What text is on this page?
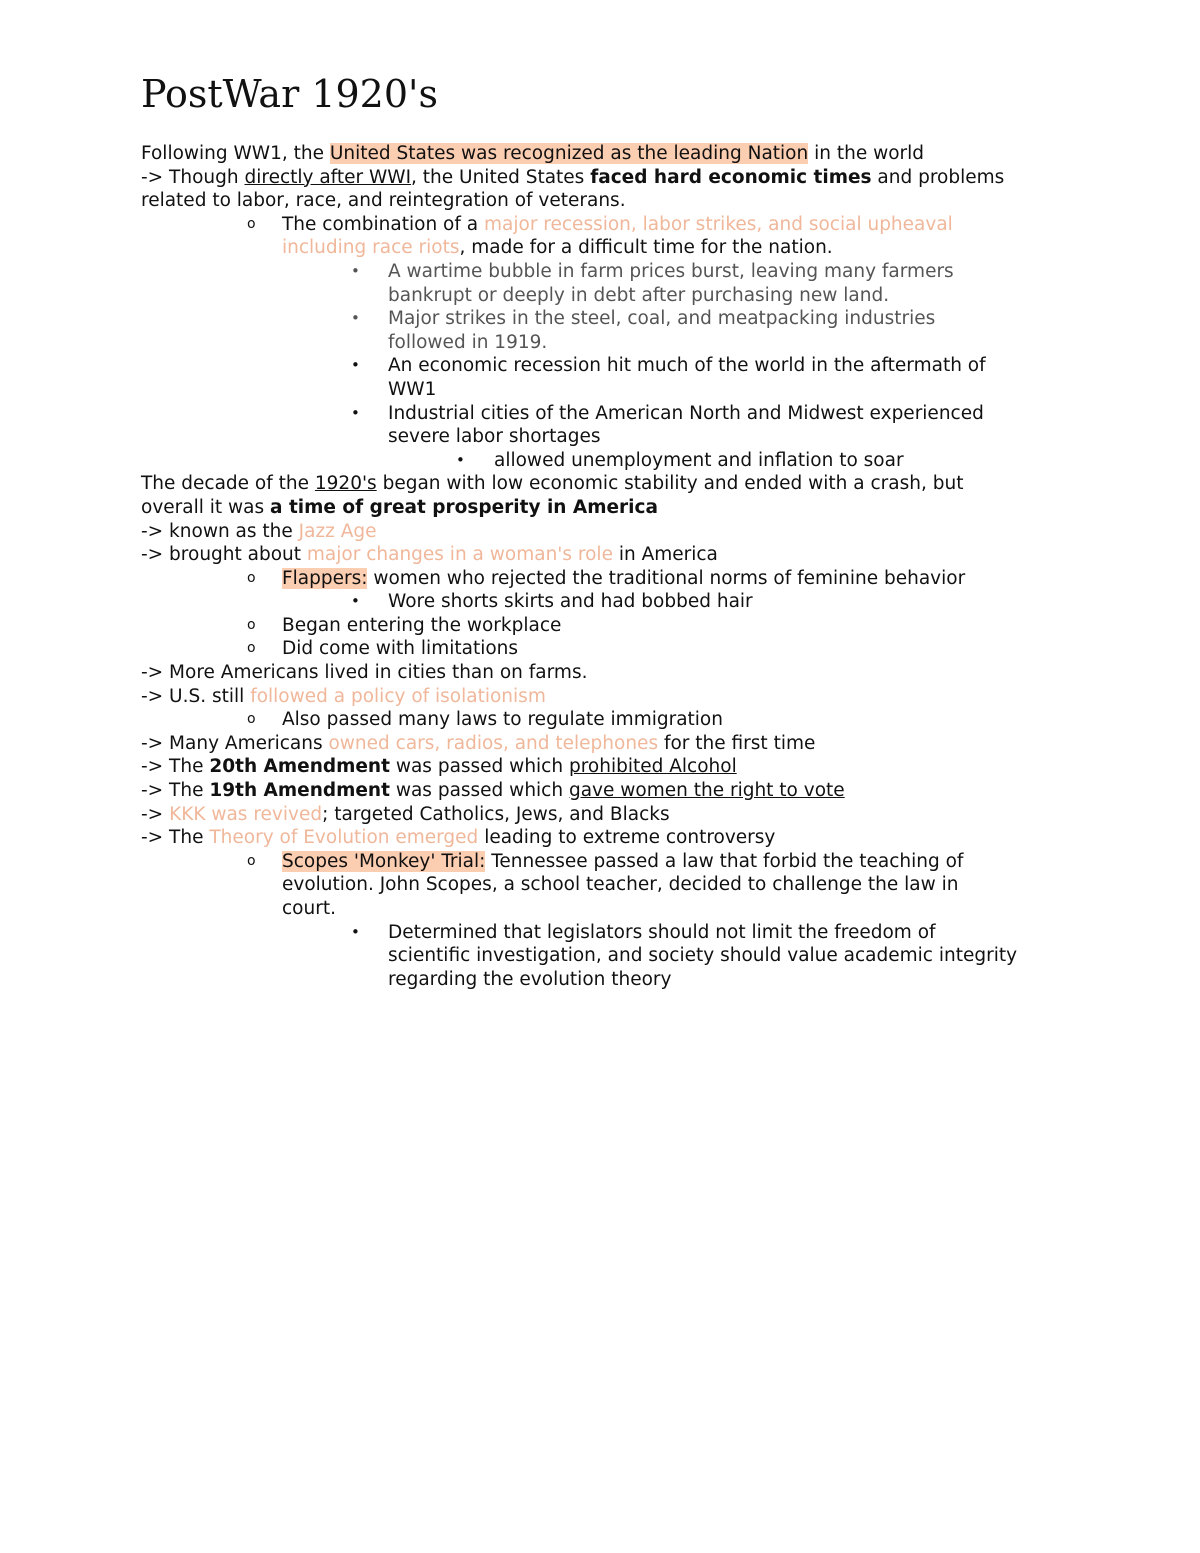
PostWar 1920's
Following WW1, the United States was recognized as the leading Nation in the world
-> Though directly after WWI, the United States faced hard economic times and problems
related to labor, race, and reintegration of veterans.
o The combination of a major recession, labor strikes, and social upheaval
including race riots, made for a difficult time for the nation.
• A wartime bubble in farm prices burst, leaving many farmers
bankrupt or deeply in debt after purchasing new land.
• Major strikes in the steel, coal, and meatpacking industries
followed in 1919.
• An economic recession hit much of the world in the aftermath of
WW1
• Industrial cities of the American North and Midwest experienced
severe labor shortages
• allowed unemployment and inflation to soar
The decade of the 1920's began with low economic stability and ended with a crash, but
overall it was a time of great prosperity in America
-> known as the Jazz Age
-> brought about major changes in a woman's role in America
o Flappers: women who rejected the traditional norms of feminine behavior
• Wore shorts skirts and had bobbed hair
o Began entering the workplace
o Did come with limitations
-> More Americans lived in cities than on farms.
-> U.S. still followed a policy of isolationism
o Also passed many laws to regulate immigration
-> Many Americans owned cars, radios, and telephones for the first time
-> The 20th Amendment was passed which prohibited Alcohol
-> The 19th Amendment was passed which gave women the right to vote
-> KKK was revived; targeted Catholics, Jews, and Blacks
-> The Theory of Evolution emerged leading to extreme controversy
o Scopes 'Monkey' Trial: Tennessee passed a law that forbid the teaching of
evolution. John Scopes, a school teacher, decided to challenge the law in
court.
• Determined that legislators should not limit the freedom of
scientific investigation, and society should value academic integrity
regarding the evolution theory
